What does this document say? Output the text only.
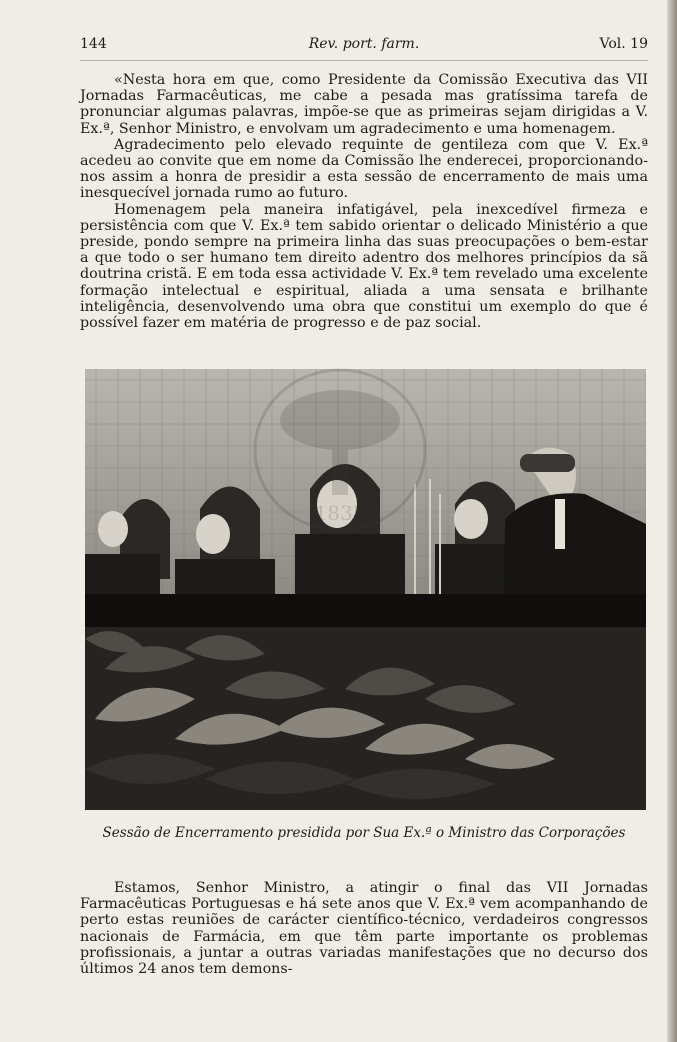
144	Rev. port. farm.	Vol. 19

«Nesta hora em que, como Presidente da Comissão Executiva das VII Jornadas Farmacêuticas, me cabe a pesada mas gratíssima tarefa de pronunciar algumas palavras, impõe-se que as primeiras sejam dirigidas a V. Ex.ª, Senhor Ministro, e envolvam um agradecimento e uma homenagem.

Agradecimento pelo elevado requinte de gentileza com que V. Ex.ª acedeu ao convite que em nome da Comissão lhe enderecei, proporcionando-nos assim a honra de presidir a esta sessão de encerramento de mais uma inesquecível jornada rumo ao futuro.

Homenagem pela maneira infatigável, pela inexcedível firmeza e persistência com que V. Ex.ª tem sabido orientar o delicado Ministério a que preside, pondo sempre na primeira linha das suas preocupações o bem-estar a que todo o ser humano tem direito adentro dos melhores princípios da sã doutrina cristã. E em toda essa actividade V. Ex.ª tem revelado uma excelente formação intelectual e espiritual, aliada a uma sensata e brilhante inteligência, desenvolvendo uma obra que constitui um exemplo do que é possível fazer em matéria de progresso e de paz social.

1835
Sessão de Encerramento presidida por Sua Ex.ª o Ministro das Corporações

Estamos, Senhor Ministro, a atingir o final das VII Jornadas Farmacêuticas Portuguesas e há sete anos que V. Ex.ª vem acompanhando de perto estas reuniões de carácter científico-técnico, verdadeiros congressos nacionais de Farmácia, em que têm parte importante os problemas profissionais, a juntar a outras variadas manifestações que no decurso dos últimos 24 anos tem demons-
